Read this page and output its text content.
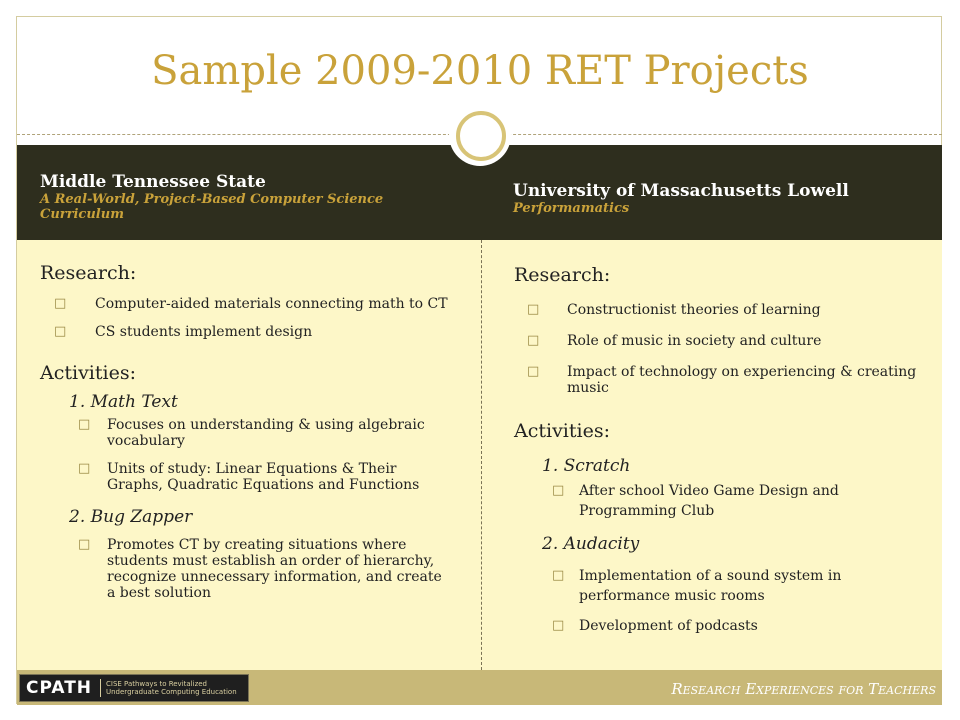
Sample 2009-2010 RET Projects
Middle Tennessee State
A Real-World, Project-Based Computer Science Curriculum
University of Massachusetts Lowell
Performamatics
Research:
□ Computer-aided materials connecting math to CT
□ CS students implement design
Activities:
1. Math Text
□ Focuses on understanding & using algebraic vocabulary
□ Units of study: Linear Equations & Their Graphs, Quadratic Equations and Functions
2. Bug Zapper
□ Promotes CT by creating situations where students must establish an order of hierarchy, recognize unnecessary information, and create a best solution
Research:
□ Constructionist theories of learning
□ Role of music in society and culture
□ Impact of technology on experiencing & creating music
Activities:
1. Scratch
□ After school Video Game Design and Programming Club
2. Audacity
□ Implementation of a sound system in performance music rooms
□ Development of podcasts
CPATH CISE Pathways to Revitalized Undergraduate Computing Education	Research Experiences for Teachers
